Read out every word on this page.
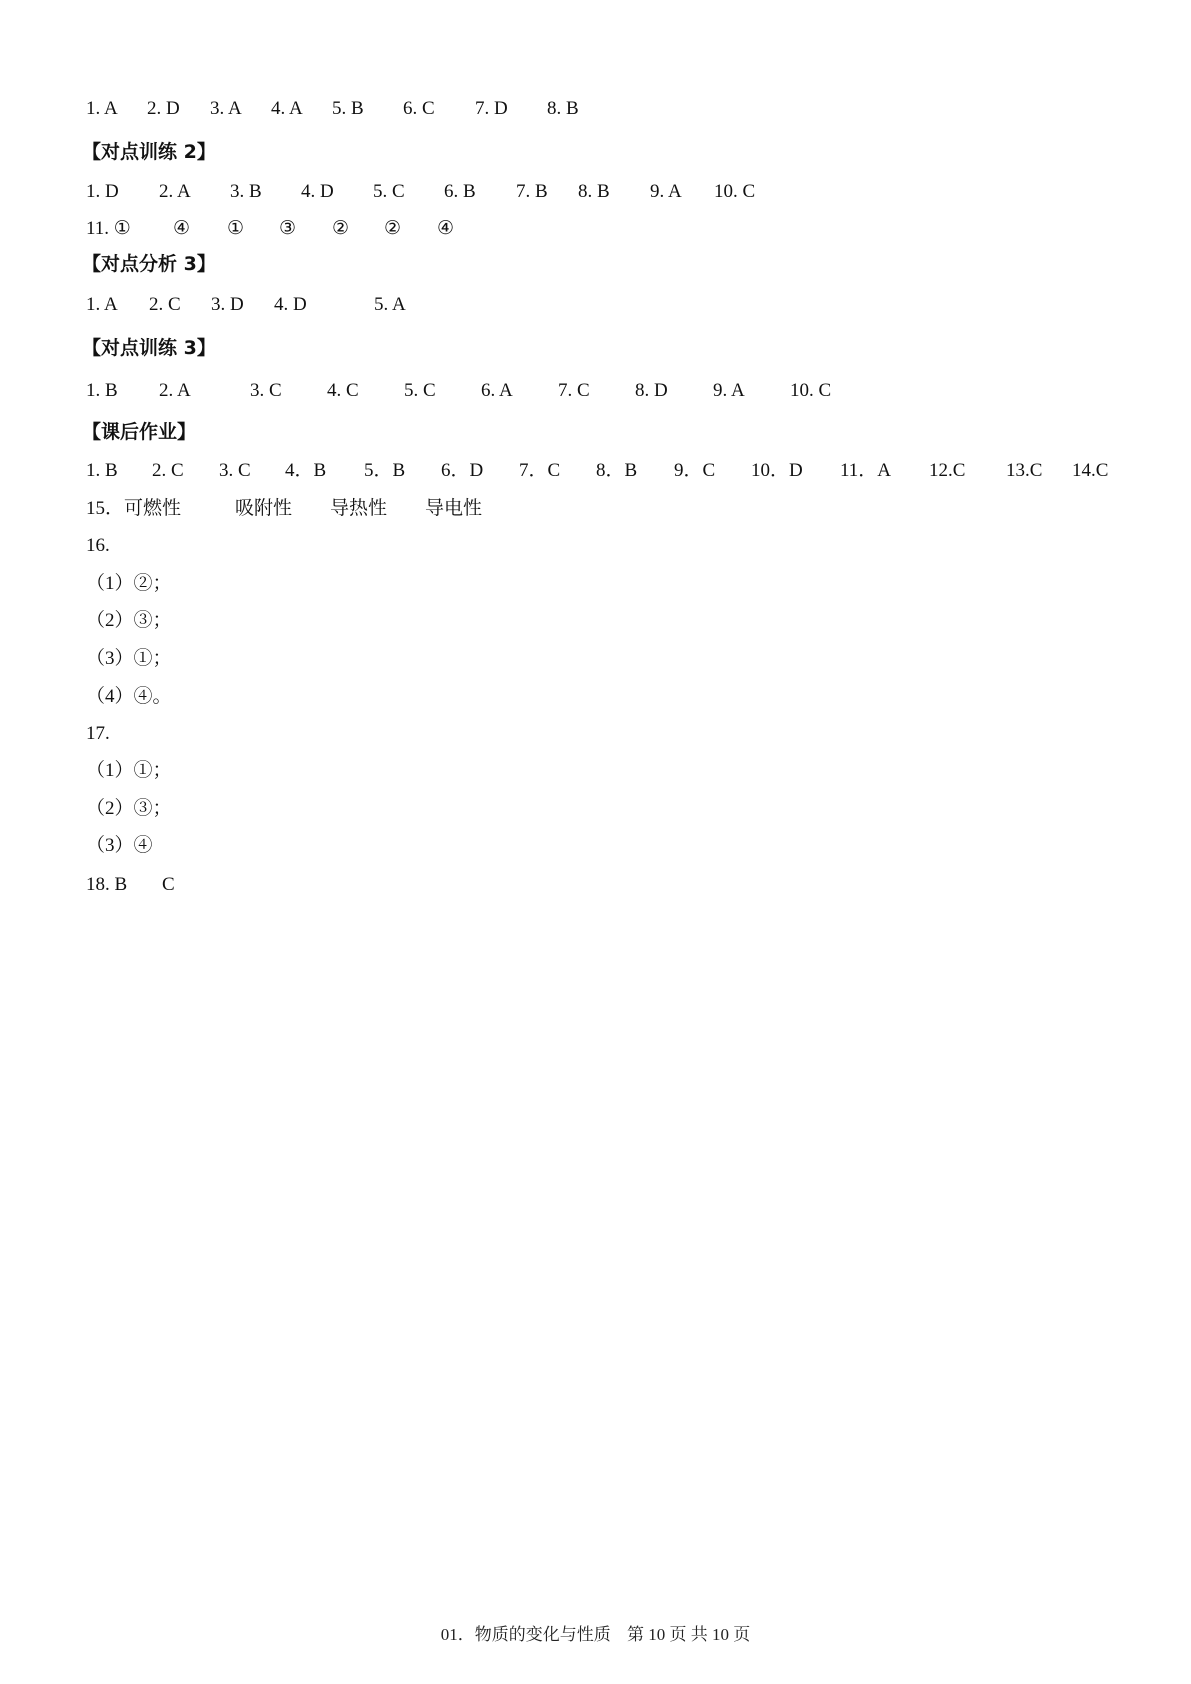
1. A 2. D 3. A 4. A 5. B 6. C 7. D 8. B
【对点训练 2】
1. D 2. A 3. B 4. D 5. C 6. B 7. B 8. B 9. A 10. C
11. ① ④ ① ③ ② ② ④
【对点分析 3】
1. A 2. C 3. D 4. D	5. A
【对点训练 3】
1. B 2. A	3. C 4. C 5. C 6. A 7. C 8. D 9. A 10. C
【课后作业】
1. B 2. C 3. C 4．B 5．B 6．D 7．C 8．B 9．C 10．D 11．A 12.C 13.C 14.C
15．可燃性	吸附性 导热性 导电性
16.
（1）②；
（2）③；
（3）①；
（4）④。
17.
（1）①；
（2）③；
（3）④
18. B C
01．物质的变化与性质 第 10 页 共 10 页
